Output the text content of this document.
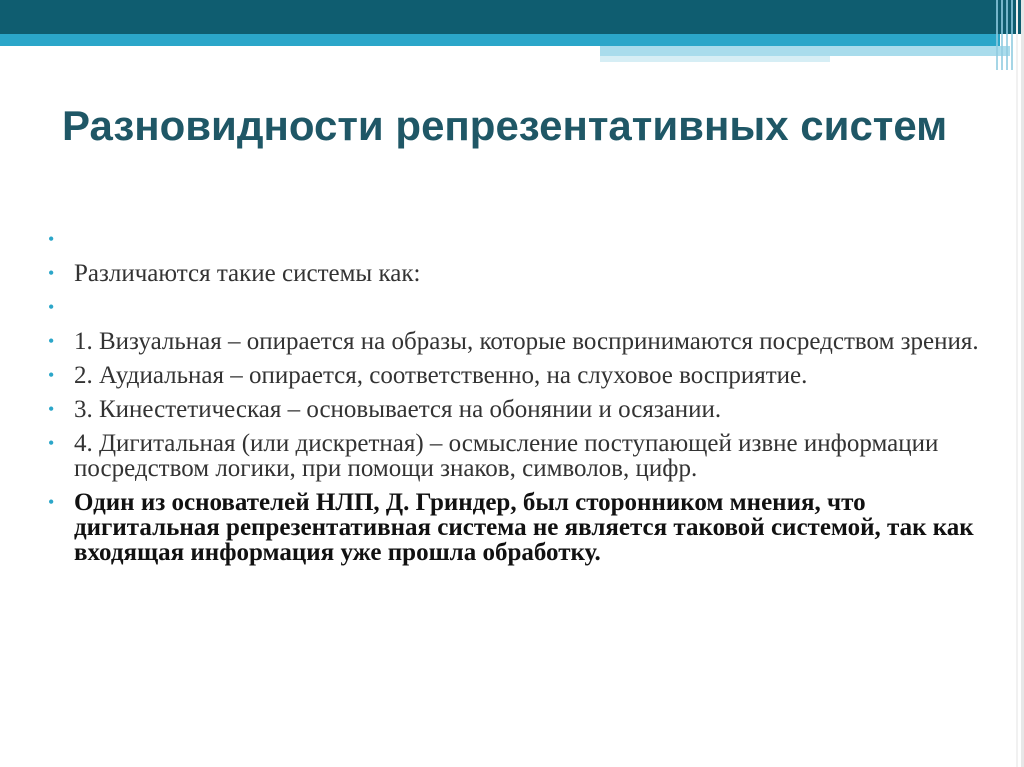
Разновидности репрезентативных систем
•
• Различаются такие системы как:
•
• 1. Визуальная – опирается на образы, которые воспринимаются посредством зрения.
• 2. Аудиальная – опирается, соответственно, на слуховое восприятие.
• 3. Кинестетическая – основывается на обонянии и осязании.
• 4. Дигитальная (или дискретная) – осмысление поступающей извне информации посредством логики, при помощи знаков, символов, цифр.
• Один из основателей НЛП, Д. Гриндер, был сторонником мнения, что дигитальная репрезентативная система не является таковой системой, так как входящая информация уже прошла обработку.
